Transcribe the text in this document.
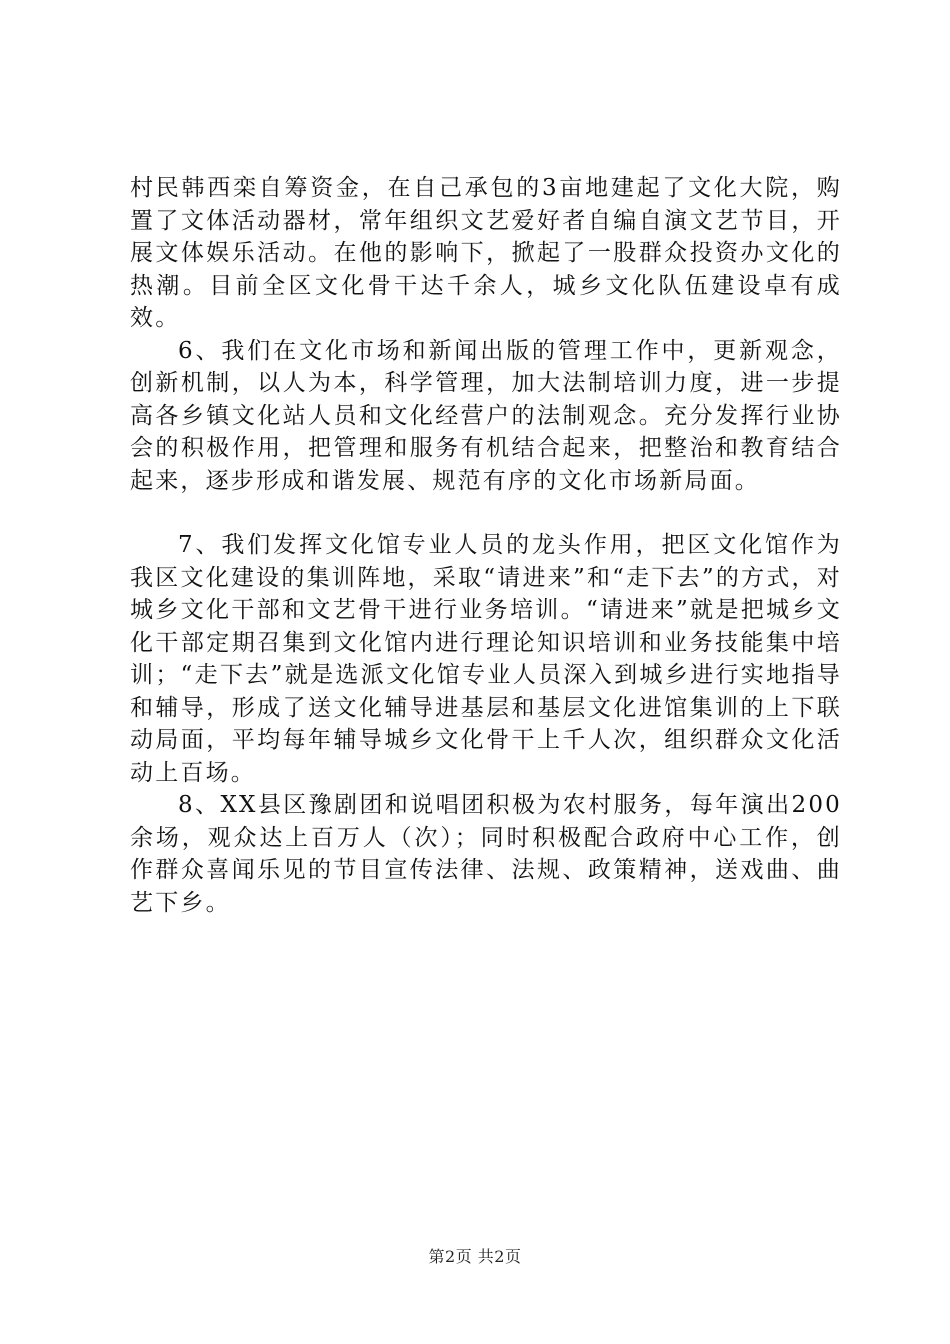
村民韩西栾自筹资金，在自己承包的3亩地建起了文化大院，购置了文体活动器材，常年组织文艺爱好者自编自演文艺节目，开展文体娱乐活动。在他的影响下，掀起了一股群众投资办文化的热潮。目前全区文化骨干达千余人，城乡文化队伍建设卓有成效。

6、我们在文化市场和新闻出版的管理工作中，更新观念，创新机制，以人为本，科学管理，加大法制培训力度，进一步提高各乡镇文化站人员和文化经营户的法制观念。充分发挥行业协会的积极作用，把管理和服务有机结合起来，把整治和教育结合起来，逐步形成和谐发展、规范有序的文化市场新局面。

7、我们发挥文化馆专业人员的龙头作用，把区文化馆作为我区文化建设的集训阵地，采取“请进来”和“走下去”的方式，对城乡文化干部和文艺骨干进行业务培训。“请进来”就是把城乡文化干部定期召集到文化馆内进行理论知识培训和业务技能集中培训；“走下去”就是选派文化馆专业人员深入到城乡进行实地指导和辅导，形成了送文化辅导进基层和基层文化进馆集训的上下联动局面，平均每年辅导城乡文化骨干上千人次，组织群众文化活动上百场。

8、XX县区豫剧团和说唱团积极为农村服务，每年演出200余场，观众达上百万人（次）；同时积极配合政府中心工作，创作群众喜闻乐见的节目宣传法律、法规、政策精神，送戏曲、曲艺下乡。

第2页 共2页
